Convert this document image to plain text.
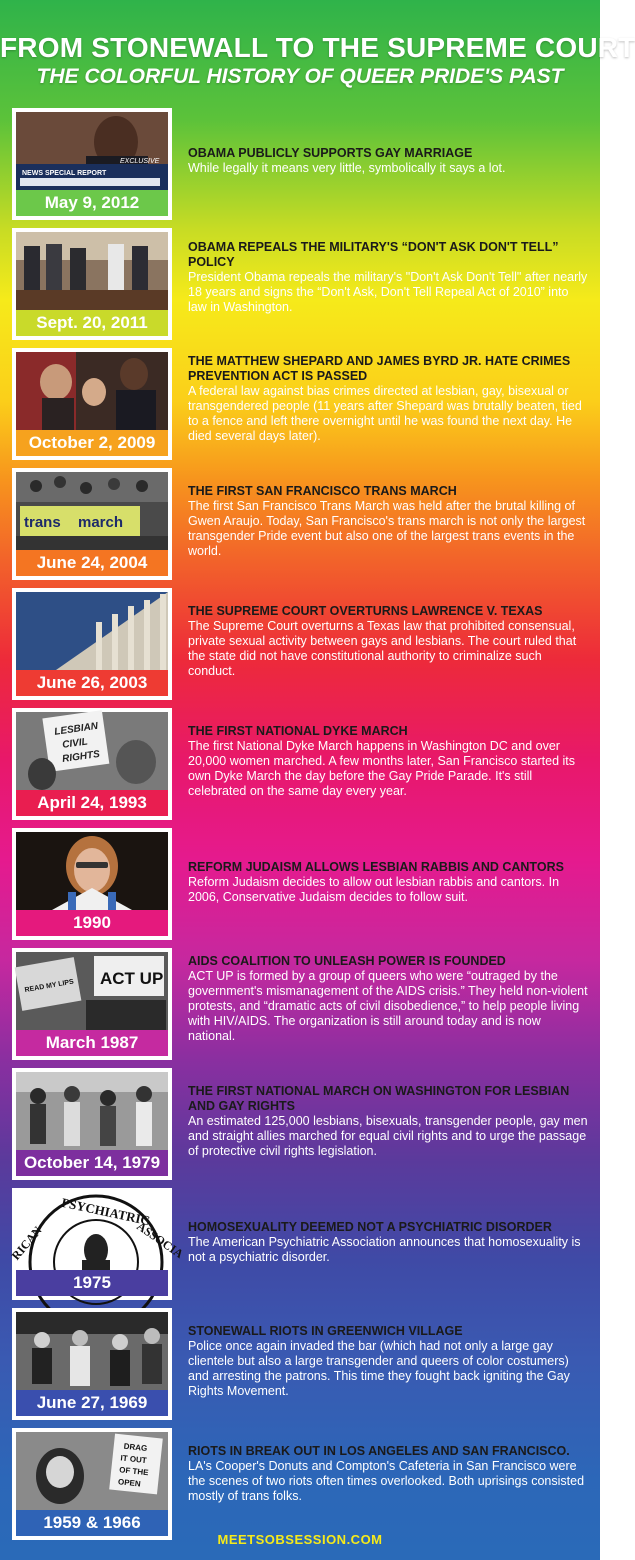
FROM STONEWALL TO THE SUPREME COURT

THE COLORFUL HISTORY OF QUEER PRIDE'S PAST

NEWS SPECIAL REPORT
EXCLUSIVE
May 9, 2012

OBAMA PUBLICLY SUPPORTS GAY MARRIAGE

While legally it means very little, symbolically it says a lot.

Sept. 20, 2011

OBAMA REPEALS THE MILITARY'S “DON'T ASK DON'T TELL” POLICY

President Obama repeals the military's "Don't Ask Don't Tell" after nearly 18 years and signs the “Don't Ask, Don't Tell Repeal Act of 2010” into law in Washington.

October 2, 2009

THE MATTHEW SHEPARD AND JAMES BYRD JR. HATE CRIMES PREVENTION ACT IS PASSED

A federal law against bias crimes directed at lesbian, gay, bisexual or transgendered people (11 years after Shepard was brutally beaten, tied to a fence and left there overnight until he was found the next day. He died several days later).

trans march
June 24, 2004

THE FIRST SAN FRANCISCO TRANS MARCH

The first San Francisco Trans March was held after the brutal killing of Gwen Araujo. Today, San Francisco's trans march is not only the largest transgender Pride event but also one of the largest trans events in the world.

June 26, 2003

THE SUPREME COURT OVERTURNS LAWRENCE V. TEXAS

The Supreme Court overturns a Texas law that prohibited consensual, private sexual activity between gays and lesbians. The court ruled that the state did not have constitutional authority to criminalize such conduct.

LESBIAN
CIVIL
RIGHTS
April 24, 1993

THE FIRST NATIONAL DYKE MARCH

The first National Dyke March happens in Washington DC and over 20,000 women marched. A few months later, San Francisco started its own Dyke March the day before the Gay Pride Parade. It's still celebrated on the same day every year.

1990

REFORM JUDAISM ALLOWS LESBIAN RABBIS AND CANTORS

Reform Judaism decides to allow out lesbian rabbis and cantors. In 2006, Conservative Judaism decides to follow suit.

READ MY LIPS ACT UP
March 1987

AIDS COALITION TO UNLEASH POWER IS FOUNDED

ACT UP is formed by a group of queers who were “outraged by the government's mismanagement of the AIDS crisis.” They held non-violent protests, and “dramatic acts of civil disobedience,” to help people living with HIV/AIDS. The organization is still around today and is now national.

October 14, 1979

THE FIRST NATIONAL MARCH ON WASHINGTON FOR LESBIAN AND GAY RIGHTS

An estimated 125,000 lesbians, bisexuals, transgender people, gay men and straight allies marched for equal civil rights and to urge the passage of protective civil rights legislation.

PSYCHIATRIC
ASSOCIA
RICAN
1975

HOMOSEXUALITY DEEMED NOT A PSYCHIATRIC DISORDER

The American Psychiatric Association announces that homosexuality is not a psychiatric disorder.

June 27, 1969

STONEWALL RIOTS IN GREENWICH VILLAGE

Police once again invaded the bar (which had not only a large gay clientele but also a large transgender and queers of color costumers) and arresting the patrons. This time they fought back igniting the Gay Rights Movement.

DRAG
IT OUT
OF THE
OPEN
1959 & 1966

RIOTS IN BREAK OUT IN LOS ANGELES AND SAN FRANCISCO.

LA's Cooper's Donuts and Compton's Cafeteria in San Francisco were the scenes of two riots often times overlooked. Both uprisings consisted mostly of trans folks.

MEETSOBSESSION.COM
